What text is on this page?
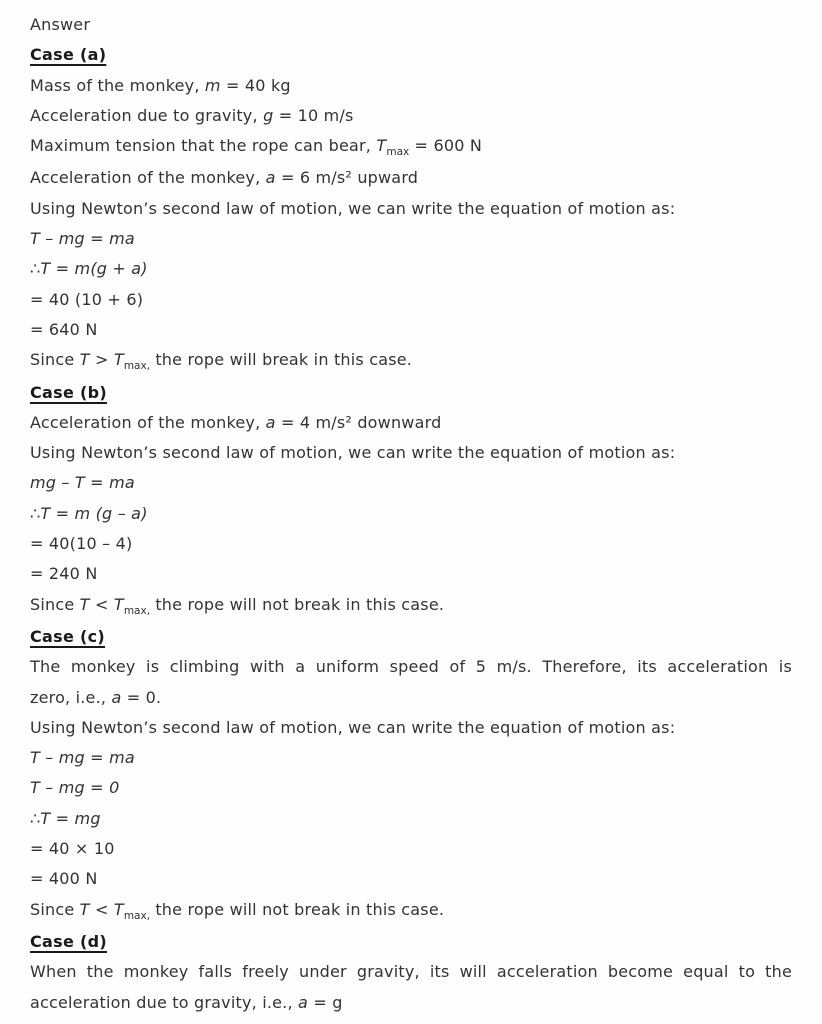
Answer
Case (a)
Mass of the monkey, m = 40 kg
Acceleration due to gravity, g = 10 m/s
Maximum tension that the rope can bear, $T_{max} = 600$ N
Acceleration of the monkey, a = 6 m/s² upward
Using Newton’s second law of motion, we can write the equation of motion as:
T – mg = ma
∴T = m(g + a)
= 40 (10 + 6)
= 640 N
Since $T > T_{max,}$ the rope will break in this case.
Case (b)
Acceleration of the monkey, a = 4 m/s² downward
Using Newton’s second law of motion, we can write the equation of motion as:
mg – T = ma
∴T = m (g – a)
= 40(10 – 4)
= 240 N
Since $T < T_{max,}$ the rope will not break in this case.
Case (c)
The monkey is climbing with a uniform speed of 5 m/s. Therefore, its acceleration is
zero, i.e., a = 0.
Using Newton’s second law of motion, we can write the equation of motion as:
T – mg = ma
T – mg = 0
∴T = mg
= 40 × 10
= 400 N
Since $T < T_{max,}$ the rope will not break in this case.
Case (d)
When the monkey falls freely under gravity, its will acceleration become equal to the
acceleration due to gravity, i.e., a = g
